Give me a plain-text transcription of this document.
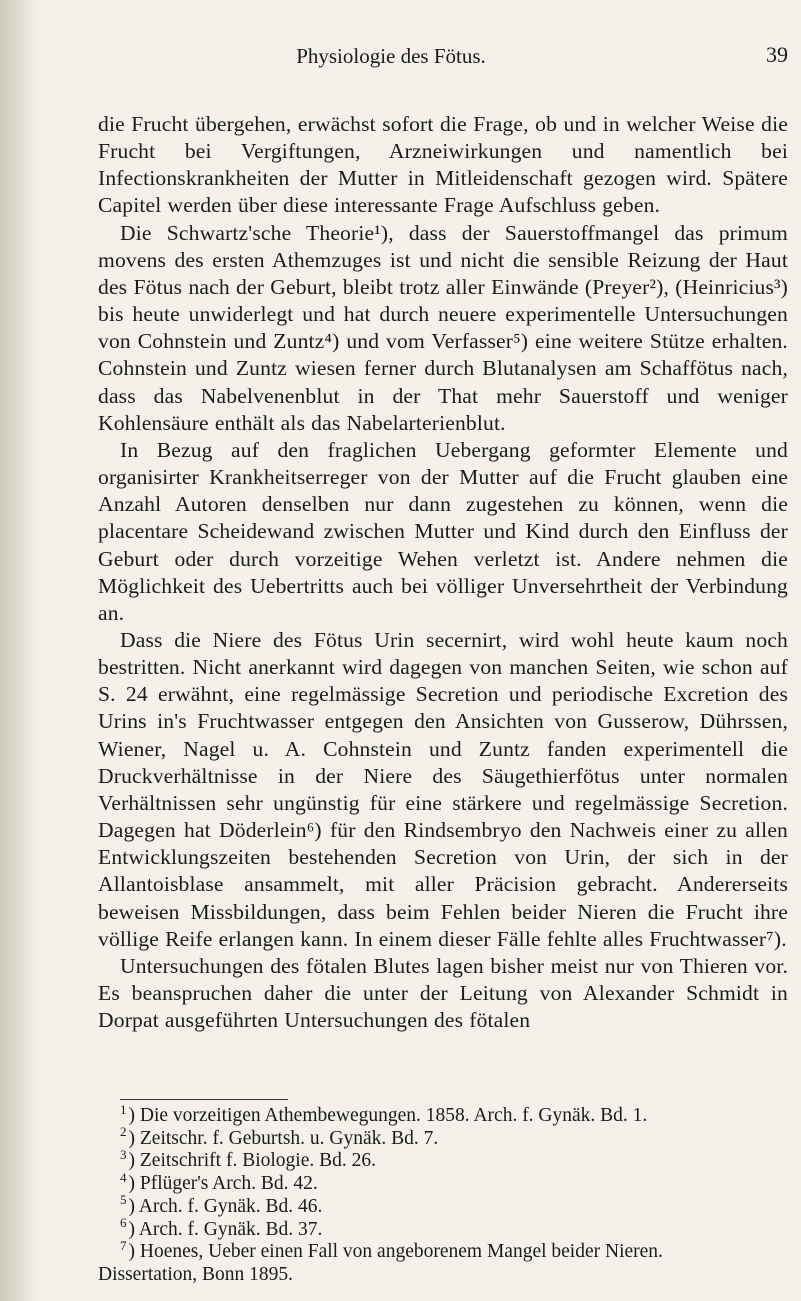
Physiologie des Fötus.	39

die Frucht übergehen, erwächst sofort die Frage, ob und in welcher Weise die Frucht bei Vergiftungen, Arzneiwirkungen und namentlich bei Infectionskrankheiten der Mutter in Mitleidenschaft gezogen wird. Spätere Capitel werden über diese interessante Frage Aufschluss geben.

Die Schwartz'sche Theorie¹), dass der Sauerstoffmangel das primum movens des ersten Athemzuges ist und nicht die sensible Reizung der Haut des Fötus nach der Geburt, bleibt trotz aller Einwände (Preyer²), (Heinricius³) bis heute unwiderlegt und hat durch neuere experimentelle Untersuchungen von Cohnstein und Zuntz⁴) und vom Verfasser⁵) eine weitere Stütze erhalten. Cohnstein und Zuntz wiesen ferner durch Blutanalysen am Schaffötus nach, dass das Nabelvenenblut in der That mehr Sauerstoff und weniger Kohlensäure enthält als das Nabelarterienblut.

In Bezug auf den fraglichen Uebergang geformter Elemente und organisirter Krankheitserreger von der Mutter auf die Frucht glauben eine Anzahl Autoren denselben nur dann zugestehen zu können, wenn die placentare Scheidewand zwischen Mutter und Kind durch den Einfluss der Geburt oder durch vorzeitige Wehen verletzt ist. Andere nehmen die Möglichkeit des Uebertritts auch bei völliger Unversehrtheit der Verbindung an.

Dass die Niere des Fötus Urin secernirt, wird wohl heute kaum noch bestritten. Nicht anerkannt wird dagegen von manchen Seiten, wie schon auf S. 24 erwähnt, eine regelmässige Secretion und periodische Excretion des Urins in's Fruchtwasser entgegen den Ansichten von Gusserow, Dührssen, Wiener, Nagel u. A. Cohnstein und Zuntz fanden experimentell die Druckverhältnisse in der Niere des Säugethierfötus unter normalen Verhältnissen sehr ungünstig für eine stärkere und regelmässige Secretion. Dagegen hat Döderlein⁶) für den Rindsembryo den Nachweis einer zu allen Entwicklungszeiten bestehenden Secretion von Urin, der sich in der Allantoisblase ansammelt, mit aller Präcision gebracht. Andererseits beweisen Missbildungen, dass beim Fehlen beider Nieren die Frucht ihre völlige Reife erlangen kann. In einem dieser Fälle fehlte alles Fruchtwasser⁷).

Untersuchungen des fötalen Blutes lagen bisher meist nur von Thieren vor. Es beanspruchen daher die unter der Leitung von Alexander Schmidt in Dorpat ausgeführten Untersuchungen des fötalen

$^1$ ) Die vorzeitigen Athembewegungen. 1858. Arch. f. Gynäk. Bd. 1.

$^2$ ) Zeitschr. f. Geburtsh. u. Gynäk. Bd. 7.

$^3$ ) Zeitschrift f. Biologie. Bd. 26.

$^4$ ) Pflüger's Arch. Bd. 42.

$^5$ ) Arch. f. Gynäk. Bd. 46.

$^6$ ) Arch. f. Gynäk. Bd. 37.

$^7$ ) Hoenes, Ueber einen Fall von angeborenem Mangel beider Nieren.

Dissertation, Bonn 1895.
